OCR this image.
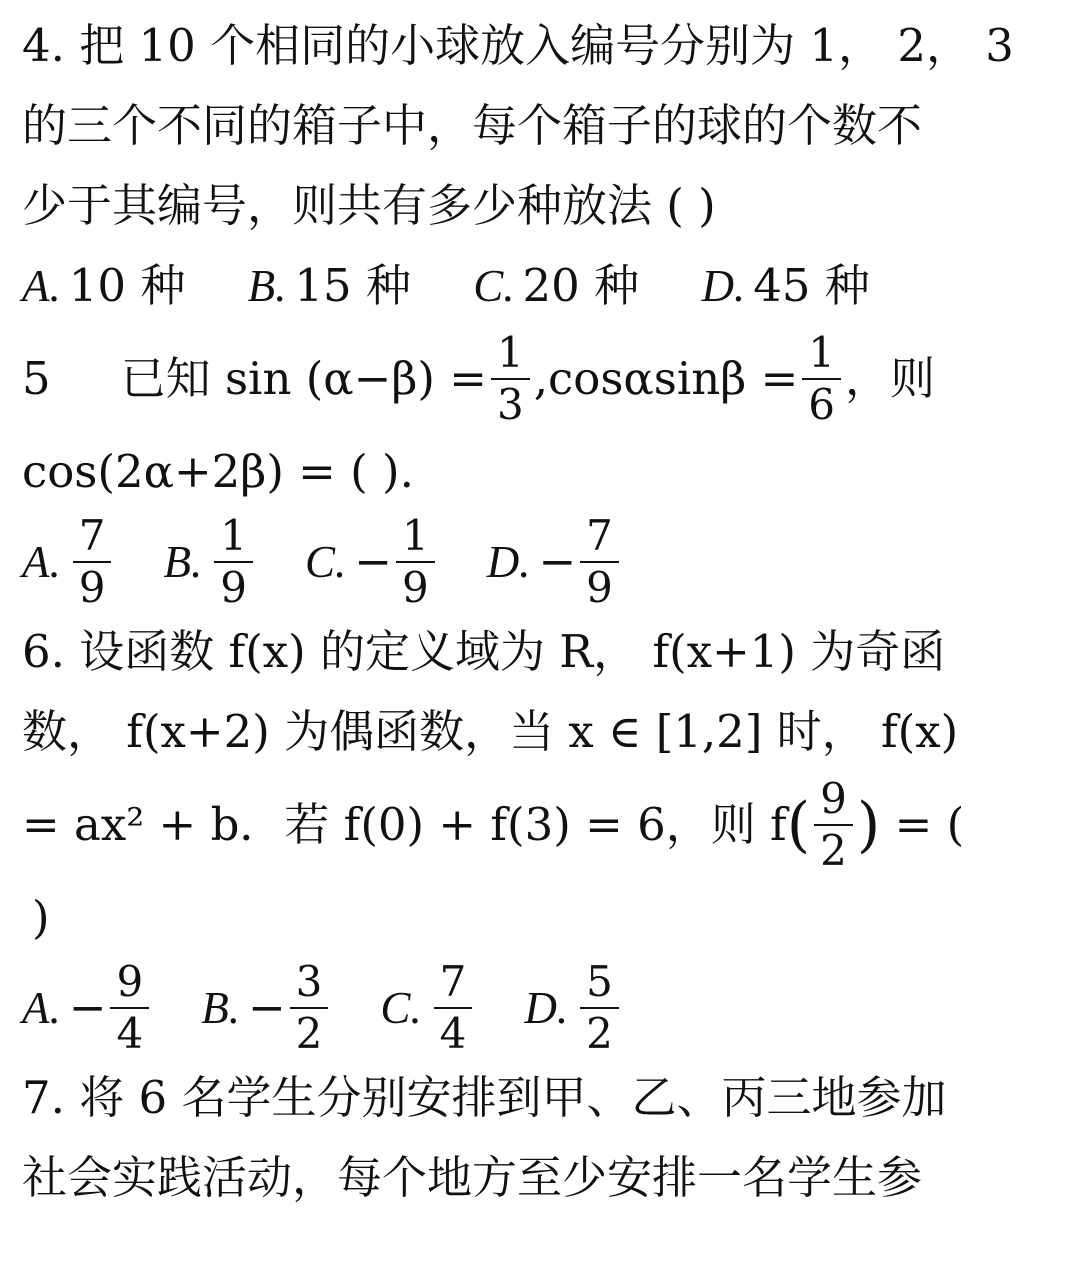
4. 把 10 个相同的小球放入编号分别为 1， 2， 3
的三个不同的箱子中，每个箱子的球的个数不
少于其编号，则共有多少种放法 ( )
A. 10 种
B. 15 种
C. 20 种
D. 45 种
5 已知
$\sin (\alpha-\beta) = \frac{1}{3} ,\cos\alpha\sin\beta = \frac{1}{6}$ ，则
cos(2α+2β) = ( ).
A. $\frac{7}{9} B$. $\frac{1}{9} C$. − $\frac{1}{9} D$. − $\frac{7}{9}$
6. 设函数 f(x) 的定义域为 R， f(x+1) 为奇函
数， f(x+2) 为偶函数，当 x ∈ [1,2] 时， f(x)
= ax² + b．若 f(0) + f(3) = 6，则 f ( $\frac{9}{2}$ )
= (
)
A. − $\frac{9}{4} B$. − $\frac{3}{2} C$. $\frac{7}{4} D$. $\frac{5}{2}$
7. 将 6 名学生分别安排到甲、乙、丙三地参加
社会实践活动，每个地方至少安排一名学生参
